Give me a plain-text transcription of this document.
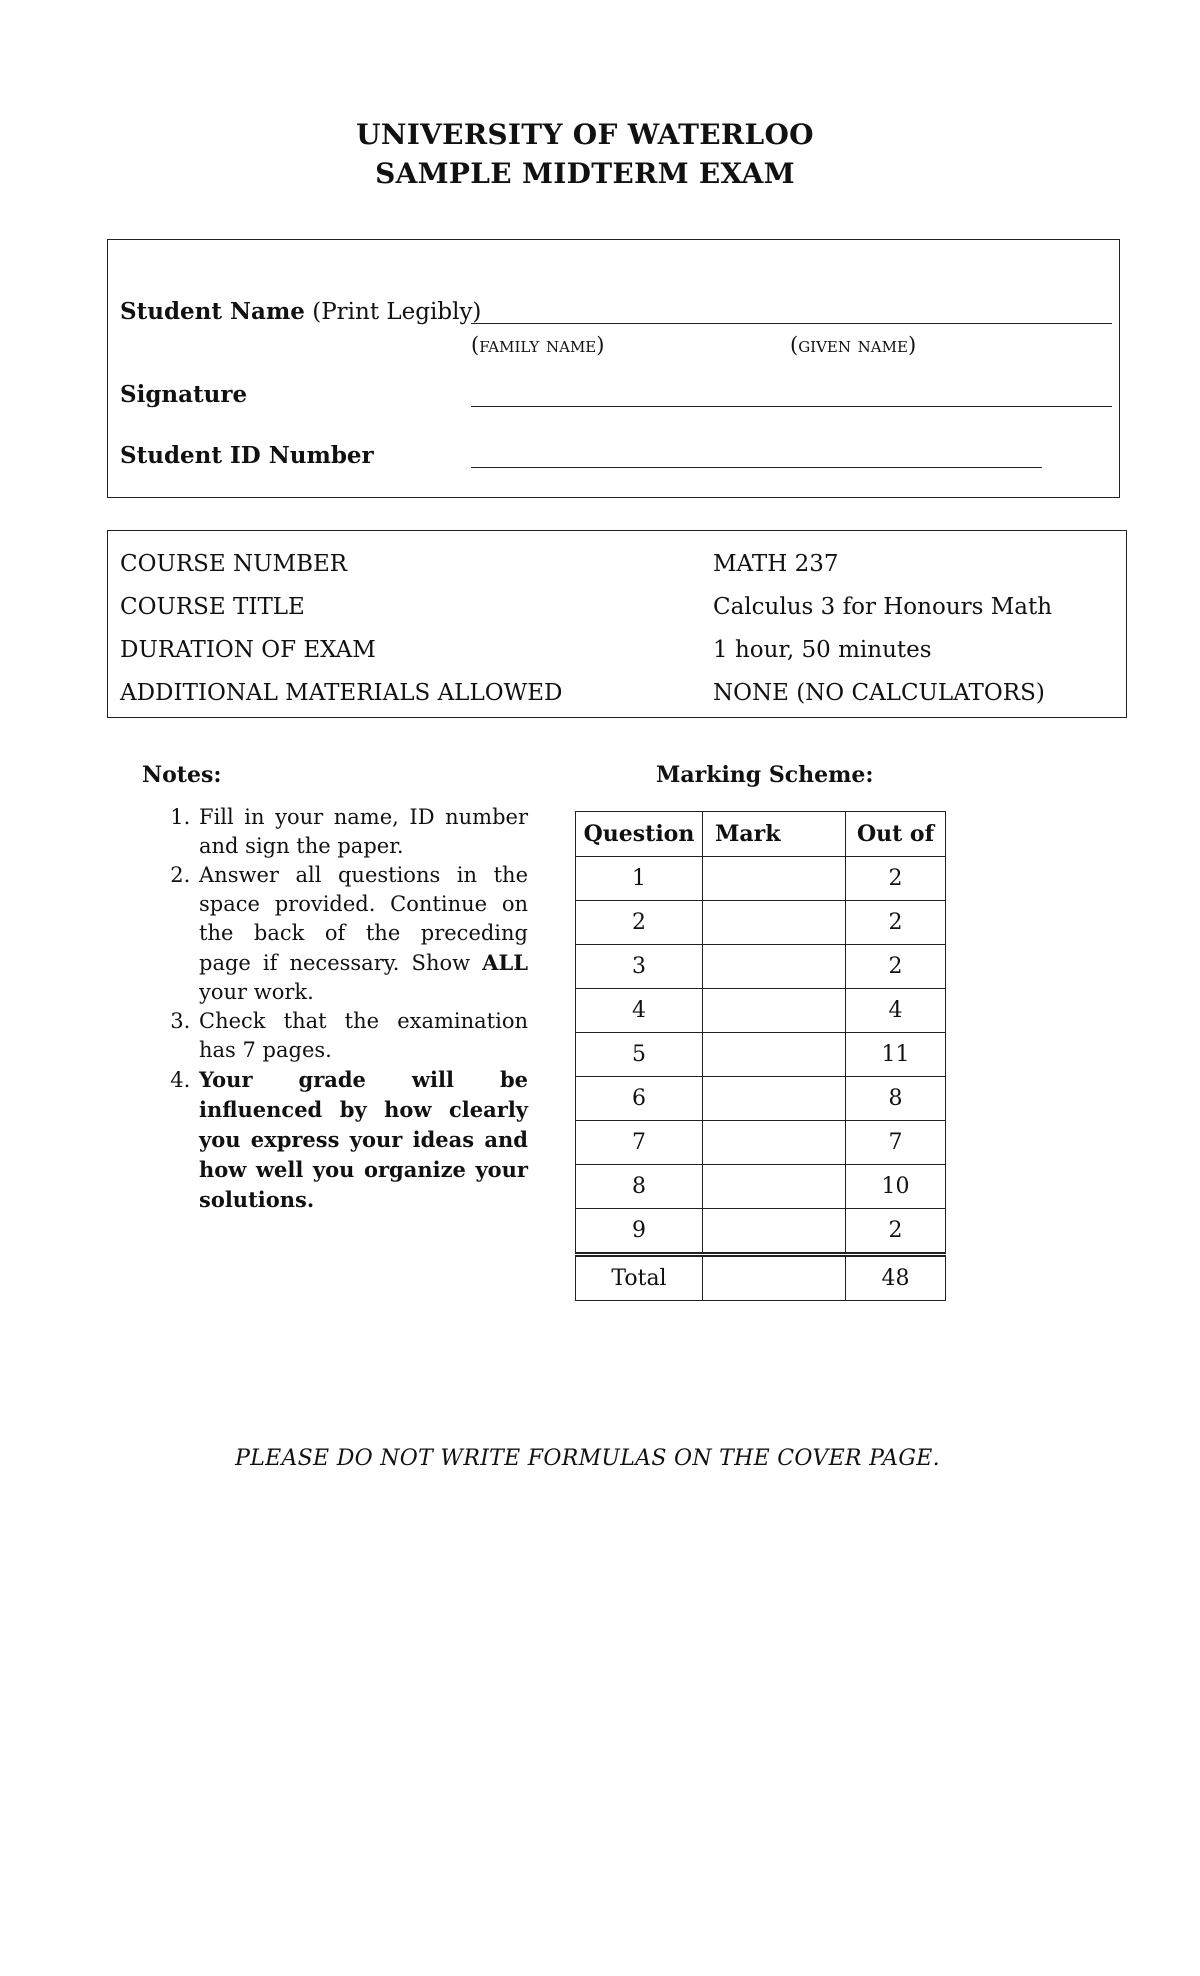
UNIVERSITY OF WATERLOO
SAMPLE MIDTERM EXAM
Student Name (Print Legibly)
(family name)	(given name)
Signature
Student ID Number
COURSE NUMBER	MATH 237
COURSE TITLE	Calculus 3 for Honours Math
DURATION OF EXAM	1 hour, 50 minutes
ADDITIONAL MATERIALS ALLOWED	NONE (NO CALCULATORS)
Notes:
1. Fill in your name, ID number and sign the paper.
2. Answer all questions in the space provided. Continue on the back of the preceding page if necessary. Show ALL your work.
3. Check that the examination has 7 pages.
4. Your grade will be influenced by how clearly you express your ideas and how well you organize your solutions.
Marking Scheme:
Question	Mark	Out of
1		2
2		2
3		2
4		4
5		11
6		8
7		7
8		10
9		2
Total		48
PLEASE DO NOT WRITE FORMULAS ON THE COVER PAGE.
